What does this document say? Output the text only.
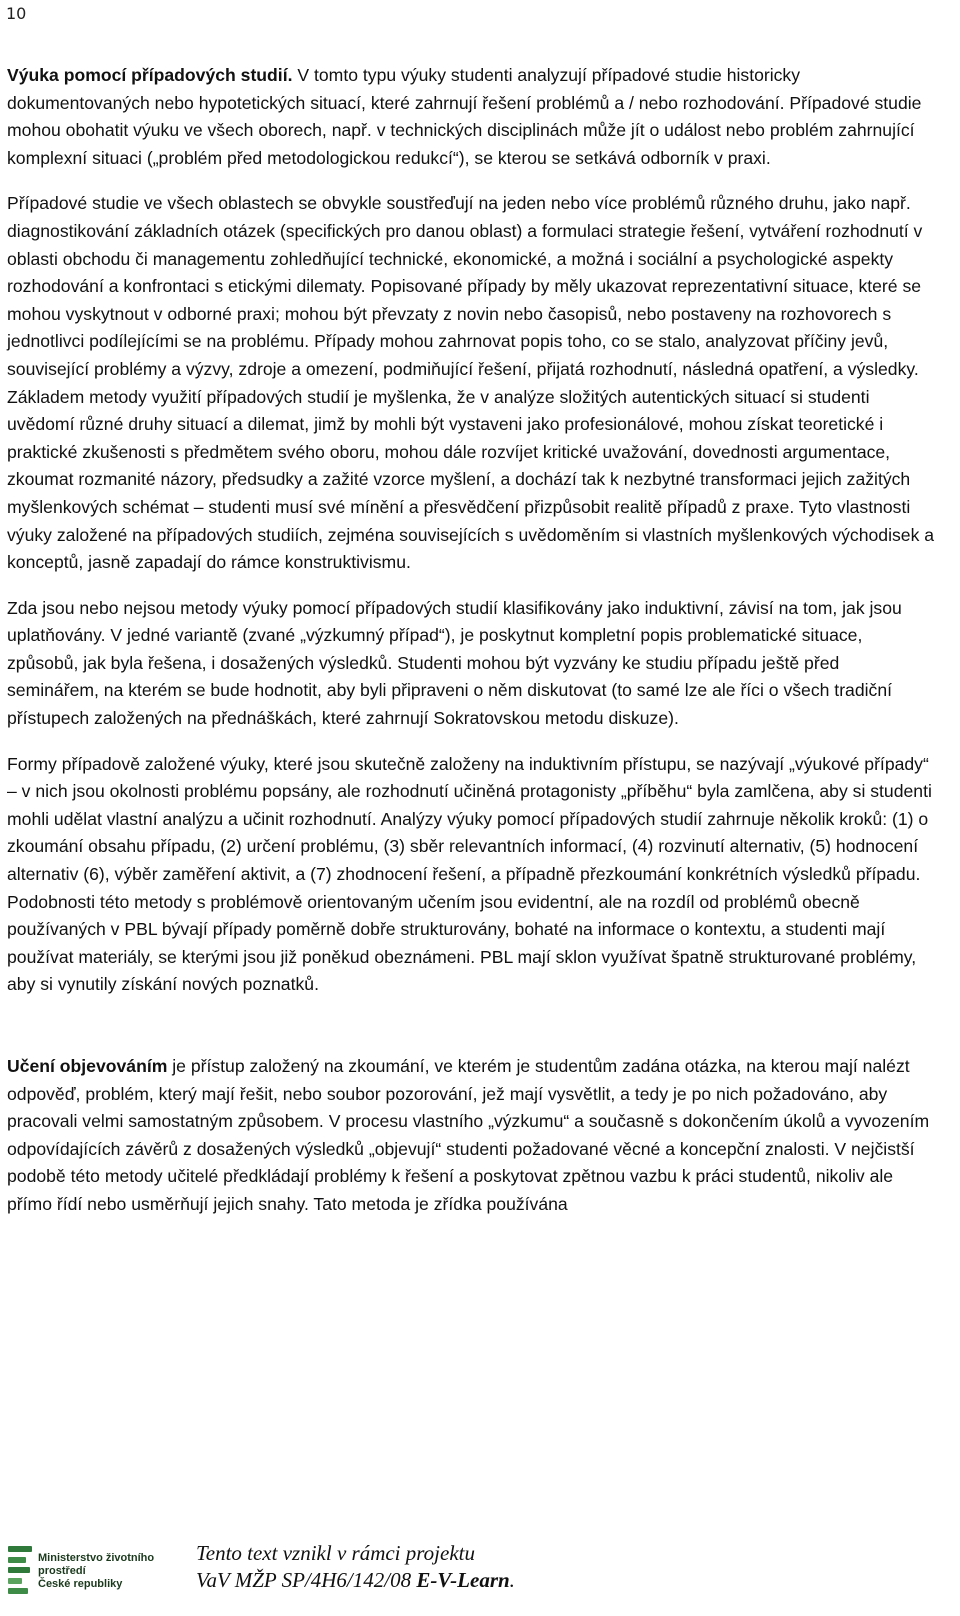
10

Výuka pomocí případových studií. V tomto typu výuky studenti analyzují případové studie historicky dokumentovaných nebo hypotetických situací, které zahrnují řešení problémů a / nebo rozhodování. Případové studie mohou obohatit výuku ve všech oborech, např. v technických disciplinách může jít o událost nebo problém zahrnující komplexní situaci („problém před metodologickou redukcí“), se kterou se setkává odborník v praxi.

Případové studie ve všech oblastech se obvykle soustřeďují na jeden nebo více problémů různého druhu, jako např. diagnostikování základních otázek (specifických pro danou oblast) a formulaci strategie řešení, vytváření rozhodnutí v oblasti obchodu či managementu zohledňující technické, ekonomické, a možná i sociální a psychologické aspekty rozhodování a konfrontaci s etickými dilematy. Popisované případy by měly ukazovat reprezentativní situace, které se mohou vyskytnout v odborné praxi; mohou být převzaty z novin nebo časopisů, nebo postaveny na rozhovorech s jednotlivci podílejícími se na problému. Případy mohou zahrnovat popis toho, co se stalo, analyzovat příčiny jevů, související problémy a výzvy, zdroje a omezení, podmiňující řešení, přijatá rozhodnutí, následná opatření, a výsledky. Základem metody využití případových studií je myšlenka, že v analýze složitých autentických situací si studenti uvědomí různé druhy situací a dilemat, jimž by mohli být vystaveni jako profesionálové, mohou získat teoretické i praktické zkušenosti s předmětem svého oboru, mohou dále rozvíjet kritické uvažování, dovednosti argumentace, zkoumat rozmanité názory, předsudky a zažité vzorce myšlení, a dochází tak k nezbytné transformaci jejich zažitých myšlenkových schémat – studenti musí své mínění a přesvědčení přizpůsobit realitě případů z praxe. Tyto vlastnosti výuky založené na případových studiích, zejména souvisejících s uvědoměním si vlastních myšlenkových východisek a konceptů, jasně zapadají do rámce konstruktivismu.

Zda jsou nebo nejsou metody výuky pomocí případových studií klasifikovány jako induktivní, závisí na tom, jak jsou uplatňovány. V jedné variantě (zvané „výzkumný případ“), je poskytnut kompletní popis problematické situace, způsobů, jak byla řešena, i dosažených výsledků. Studenti mohou být vyzvány ke studiu případu ještě před seminářem, na kterém se bude hodnotit, aby byli připraveni o něm diskutovat (to samé lze ale říci o všech tradiční přístupech založených na přednáškách, které zahrnují Sokratovskou metodu diskuze).

Formy případově založené výuky, které jsou skutečně založeny na induktivním přístupu, se nazývají „výukové případy“ – v nich jsou okolnosti problému popsány, ale rozhodnutí učiněná protagonisty „příběhu“ byla zamlčena, aby si studenti mohli udělat vlastní analýzu a učinit rozhodnutí. Analýzy výuky pomocí případových studií zahrnuje několik kroků: (1) o zkoumání obsahu případu, (2) určení problému, (3) sběr relevantních informací, (4) rozvinutí alternativ, (5) hodnocení alternativ (6), výběr zaměření aktivit, a (7) zhodnocení řešení, a případně přezkoumání konkrétních výsledků případu. Podobnosti této metody s problémově orientovaným učením jsou evidentní, ale na rozdíl od problémů obecně používaných v PBL bývají případy poměrně dobře strukturovány, bohaté na informace o kontextu, a studenti mají používat materiály, se kterými jsou již poněkud obeznámeni. PBL mají sklon využívat špatně strukturované problémy, aby si vynutily získání nových poznatků.

Učení objevováním je přístup založený na zkoumání, ve kterém je studentům zadána otázka, na kterou mají nalézt odpověď, problém, který mají řešit, nebo soubor pozorování, jež mají vysvětlit, a tedy je po nich požadováno, aby pracovali velmi samostatným způsobem. V procesu vlastního „výzkumu“ a současně s dokončením úkolů a vyvozením odpovídajících závěrů z dosažených výsledků „objevují“ studenti požadované věcné a koncepční znalosti. V nejčistší podobě této metody učitelé předkládají problémy k řešení a poskytovat zpětnou vazbu k práci studentů, nikoliv ale přímo řídí nebo usměrňují jejich snahy. Tato metoda je zřídka používána

Ministerstvo životního prostředí
České republiky
Tento text vznikl v rámci projektu
VaV MŽP SP/4H6/142/08 E-V-Learn.
